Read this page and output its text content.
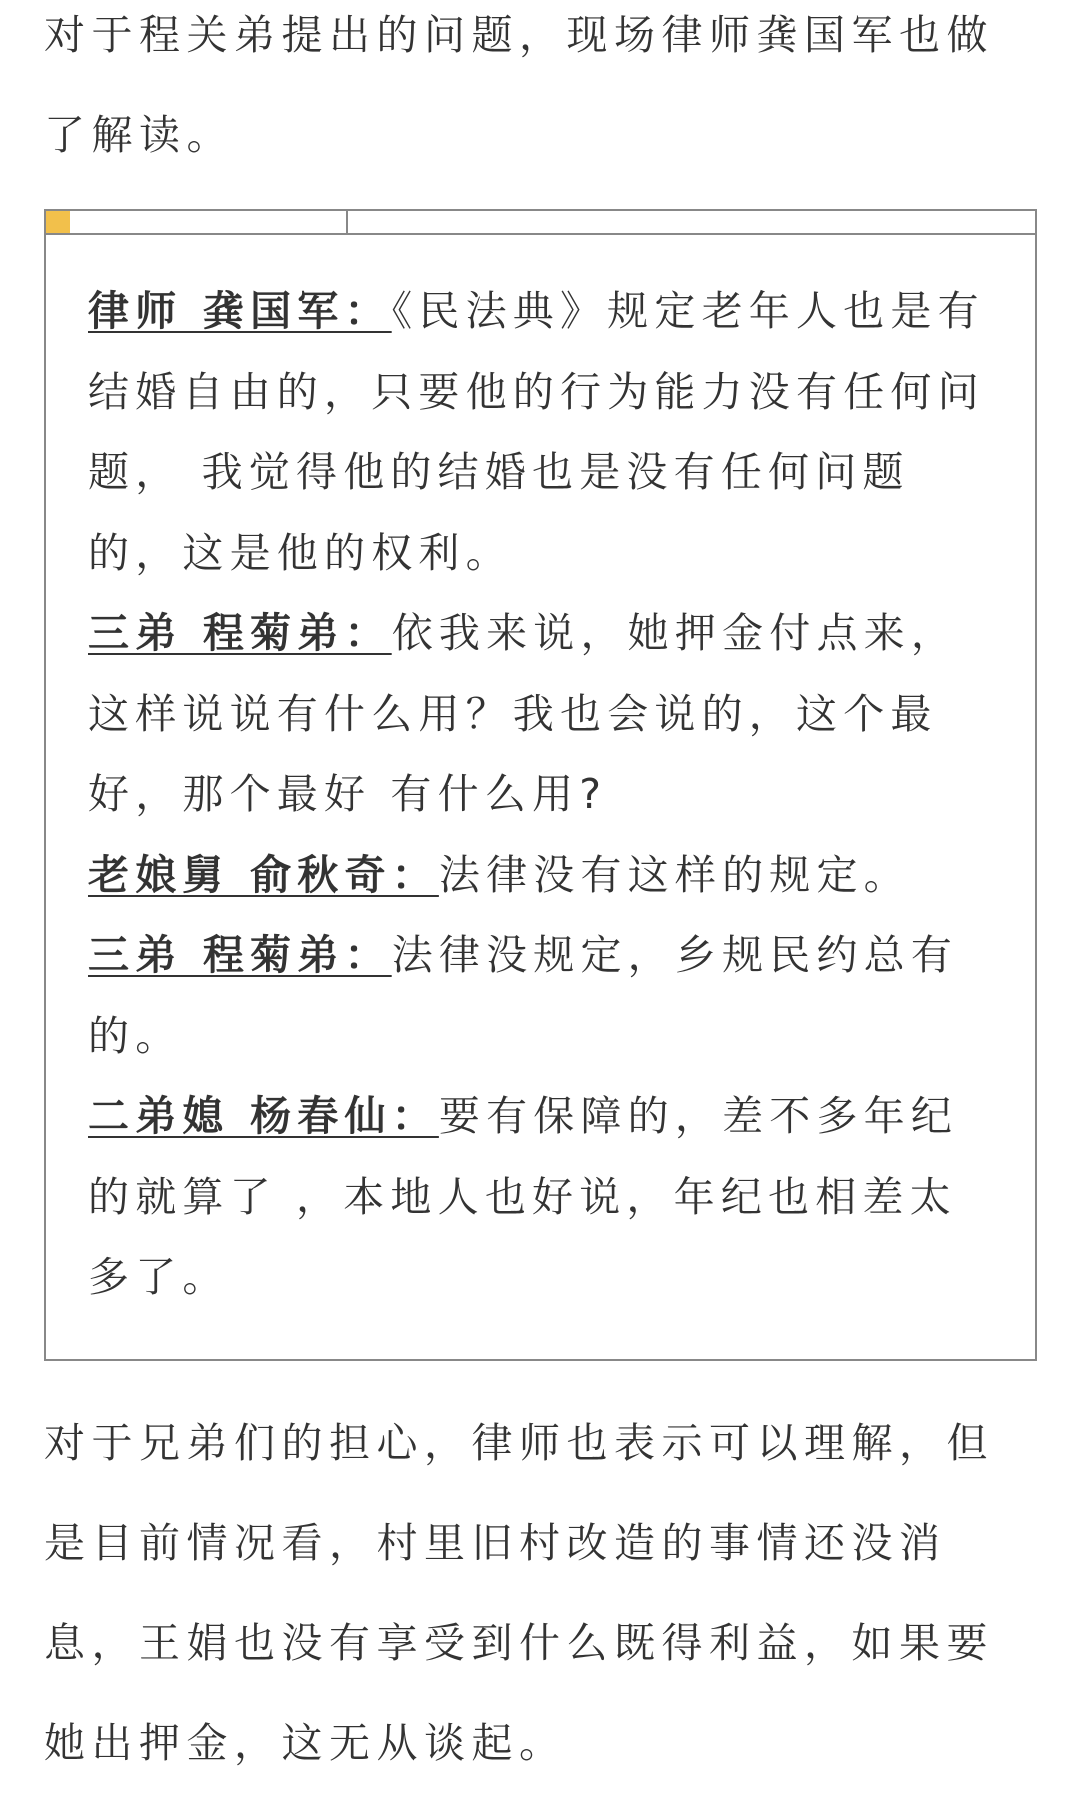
对于程关弟提出的问题，现场律师龚国军也做了解读。

律师 龚国军：《民法典》规定老年人也是有结婚自由的，只要他的行为能力没有任何问题， 我觉得他的结婚也是没有任何问题的，这是他的权利。

三弟 程菊弟：依我来说，她押金付点来，这样说说有什么用？我也会说的，这个最好，那个最好 有什么用?

老娘舅 俞秋奇：法律没有这样的规定。

三弟 程菊弟：法律没规定，乡规民约总有的。

二弟媳 杨春仙：要有保障的，差不多年纪的就算了 ，本地人也好说，年纪也相差太多了。

对于兄弟们的担心，律师也表示可以理解，但是目前情况看，村里旧村改造的事情还没消息，王娟也没有享受到什么既得利益，如果要她出押金，这无从谈起。
